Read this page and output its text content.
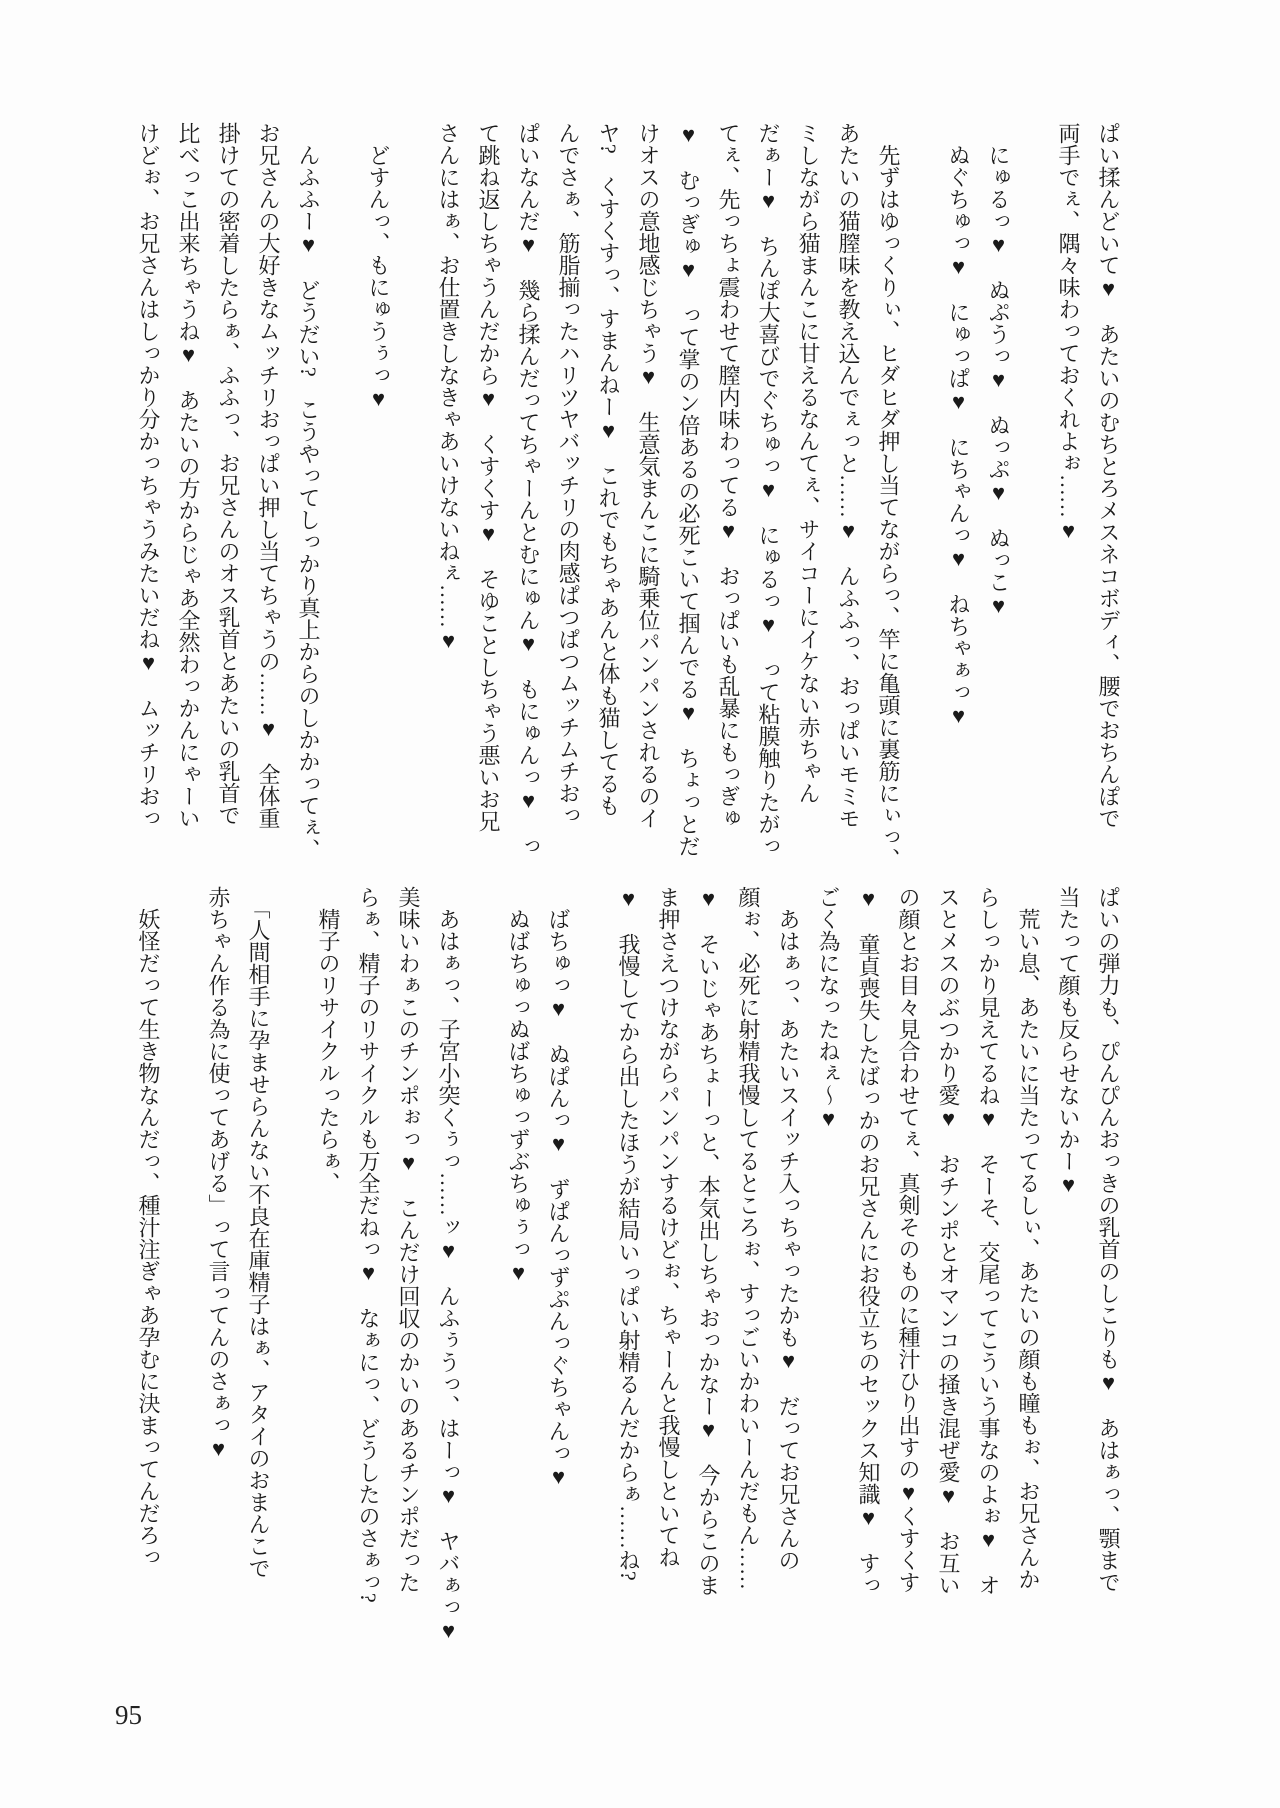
ぱい揉んどいて♥　あたいのむちとろメスネコボディ、腰でおちんぽで
両手でぇ、隅々味わっておくれよぉ……♥
　にゅるっ♥　ぬぷうっ♥　ぬっぷ♥　ぬっこ♥
　ぬぐちゅっ♥　にゅっぱ♥　にちゃんっ♥　ねちゃぁっ♥
　先ずはゆっくりぃ、ヒダヒダ押し当てながらっ、竿に亀頭に裏筋にぃっ、
あたいの猫膣味を教え込んでぇっと……♥　んふふっ、おっぱいモミモ
ミしながら猫まんこに甘えるなんてぇ、サイコーにイケない赤ちゃん
だぁー♥　ちんぽ大喜びでぐちゅっ♥　にゅるっ♥　って粘膜触りたがっ
てぇ、先っちょ震わせて膣内味わってる♥　おっぱいも乱暴にもっぎゅ
♥　むっぎゅ♥　って掌のン倍あるの必死こいて掴んでる♥　ちょっとだ
けオスの意地感じちゃう♥　生意気まんこに騎乗位パンパンされるのイ
ヤ?　くすくすっ、すまんねー♥　これでもちゃあんと体も猫してるも
んでさぁ、筋脂揃ったハリツヤバッチリの肉感ぱつぱつムッチムチおっ
ぱいなんだ♥　幾ら揉んだってちゃーんとむにゅん♥　もにゅんっ♥　っ
て跳ね返しちゃうんだから♥　くすくす♥　そゆことしちゃう悪いお兄
さんにはぁ、お仕置きしなきゃあいけないねぇ……♥
　どすんっ、もにゅうぅっ♥
　んふふー♥　どうだい?　こうやってしっかり真上からのしかかってぇ、
お兄さんの大好きなムッチリおっぱい押し当てちゃうの……♥　全体重
掛けての密着したらぁ、ふふっ、お兄さんのオス乳首とあたいの乳首で
比べっこ出来ちゃうね♥　あたいの方からじゃあ全然わっかんにゃーい
けどぉ、お兄さんはしっかり分かっちゃうみたいだね♥　ムッチリおっ
ぱいの弾力も、ぴんぴんおっきの乳首のしこりも♥　あはぁっ、顎まで
当たって顔も反らせないかー♥
　荒い息、あたいに当たってるしぃ、あたいの顔も瞳もぉ、お兄さんか
らしっかり見えてるね♥　そーそ、交尾ってこういう事なのよぉ♥　オ
スとメスのぶつかり愛♥　おチンポとオマンコの掻き混ぜ愛♥　お互い
の顔とお目々見合わせてぇ、真剣そのものに種汁ひり出すの♥くすくす
♥　童貞喪失したばっかのお兄さんにお役立ちのセックス知識♥　すっ
ごく為になったねぇ〜♥
　あはぁっ、あたいスイッチ入っちゃったかも♥　だってお兄さんの
顔ぉ、必死に射精我慢してるところぉ、すっごいかわいーんだもん……
♥　そいじゃあちょーっと、本気出しちゃおっかなー♥　今からこのま
ま押さえつけながらパンパンするけどぉ、ちゃーんと我慢しといてね
♥　我慢してから出したほうが結局いっぱい射精るんだからぁ……ね?
　ばちゅっ♥　ぬぱんっ♥　ずぱんっずぷんっぐちゃんっ♥
　ぬばちゅっぬばちゅっずぶちゅぅっ♥
　あはぁっ、子宮小突くぅっ……ッ♥　んふぅうっ、はーっ♥　ヤバぁっ♥
美味いわぁこのチンポぉっ♥　こんだけ回収のかいのあるチンポだった
らぁ、精子のリサイクルも万全だねっ♥　なぁにっ、どうしたのさぁっ?
　精子のリサイクルったらぁ、
　「人間相手に孕ませらんない不良在庫精子はぁ、アタイのおまんこで
赤ちゃん作る為に使ってあげる」って言ってんのさぁっ♥
　妖怪だって生き物なんだっ、種汁注ぎゃあ孕むに決まってんだろっ
95
